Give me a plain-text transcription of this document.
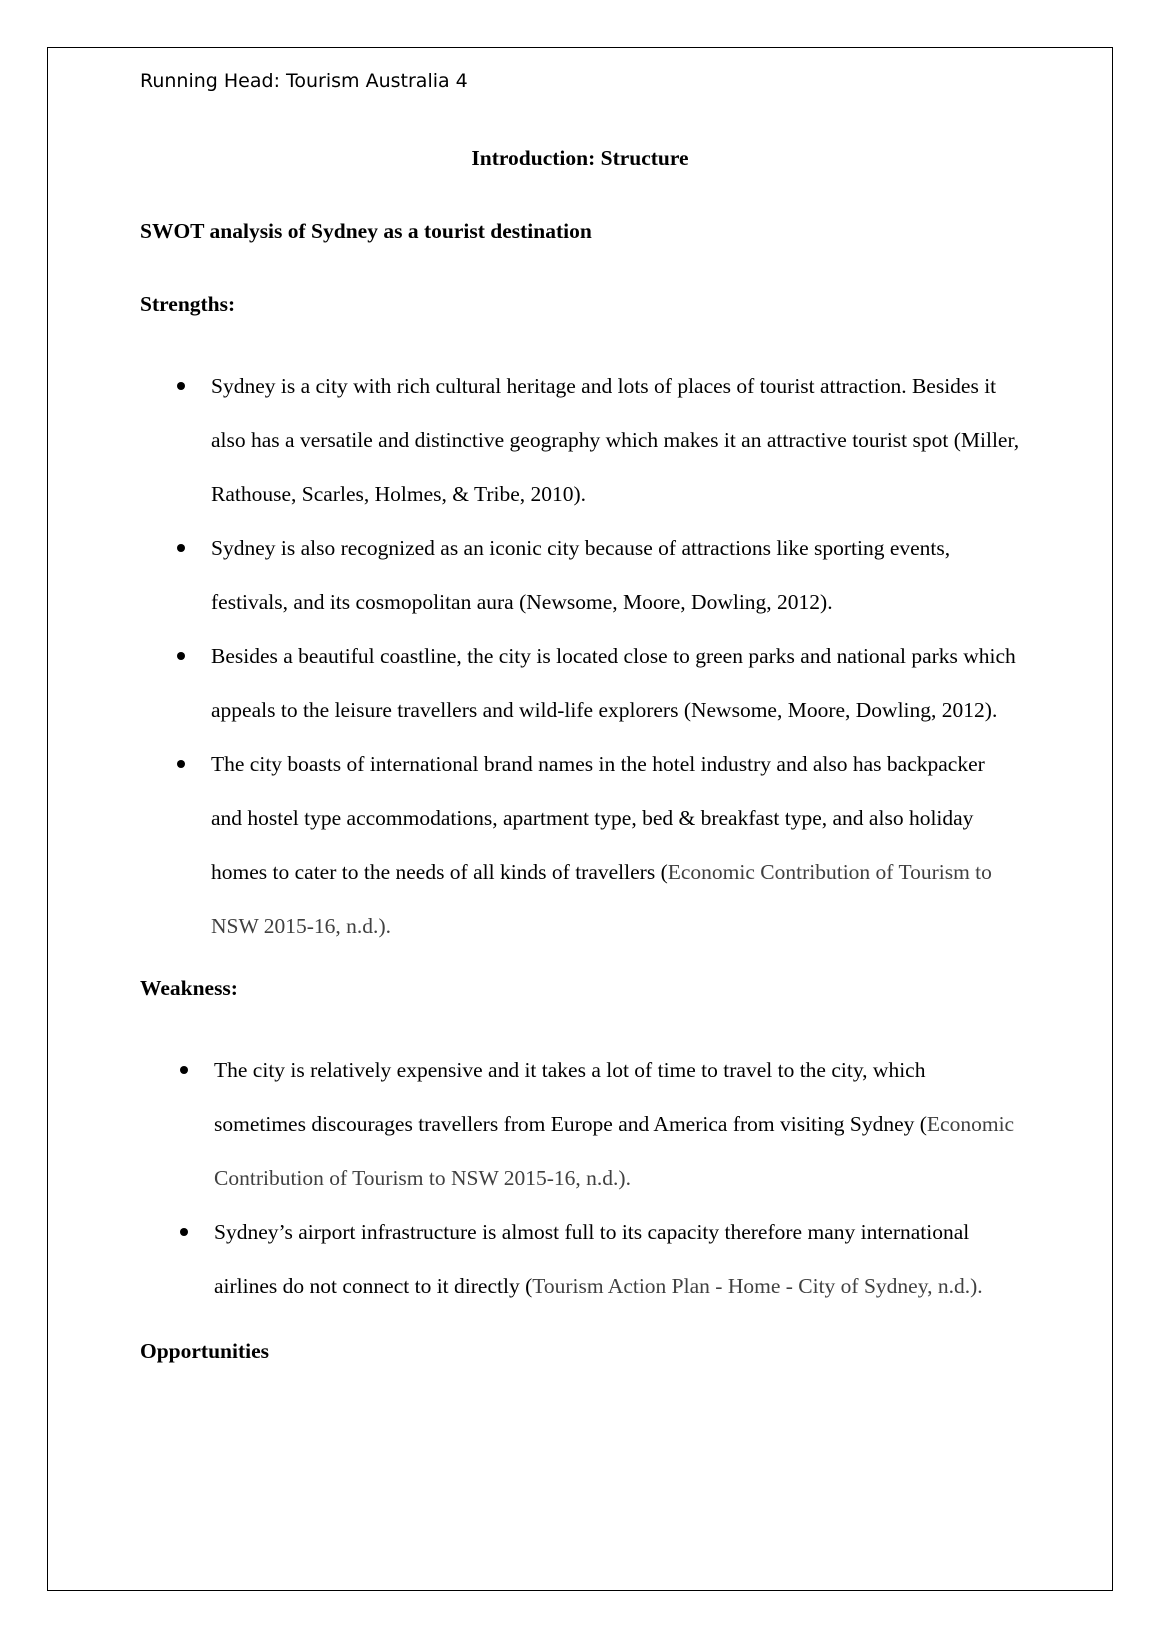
Running Head: Tourism Australia 4
Introduction: Structure
SWOT analysis of Sydney as a tourist destination
Strengths:
Sydney is a city with rich cultural heritage and lots of places of tourist attraction. Besides it also has a versatile and distinctive geography which makes it an attractive tourist spot (Miller, Rathouse, Scarles, Holmes, & Tribe, 2010).
Sydney is also recognized as an iconic city because of attractions like sporting events, festivals, and its cosmopolitan aura (Newsome, Moore, Dowling, 2012).
Besides a beautiful coastline, the city is located close to green parks and national parks which appeals to the leisure travellers and wild-life explorers (Newsome, Moore, Dowling, 2012).
The city boasts of international brand names in the hotel industry and also has backpacker and hostel type accommodations, apartment type, bed & breakfast type, and also holiday homes to cater to the needs of all kinds of travellers (Economic Contribution of Tourism to NSW 2015-16, n.d.).
Weakness:
The city is relatively expensive and it takes a lot of time to travel to the city, which sometimes discourages travellers from Europe and America from visiting Sydney (Economic Contribution of Tourism to NSW 2015-16, n.d.).
Sydney’s airport infrastructure is almost full to its capacity therefore many international airlines do not connect to it directly (Tourism Action Plan - Home - City of Sydney, n.d.).
Opportunities
